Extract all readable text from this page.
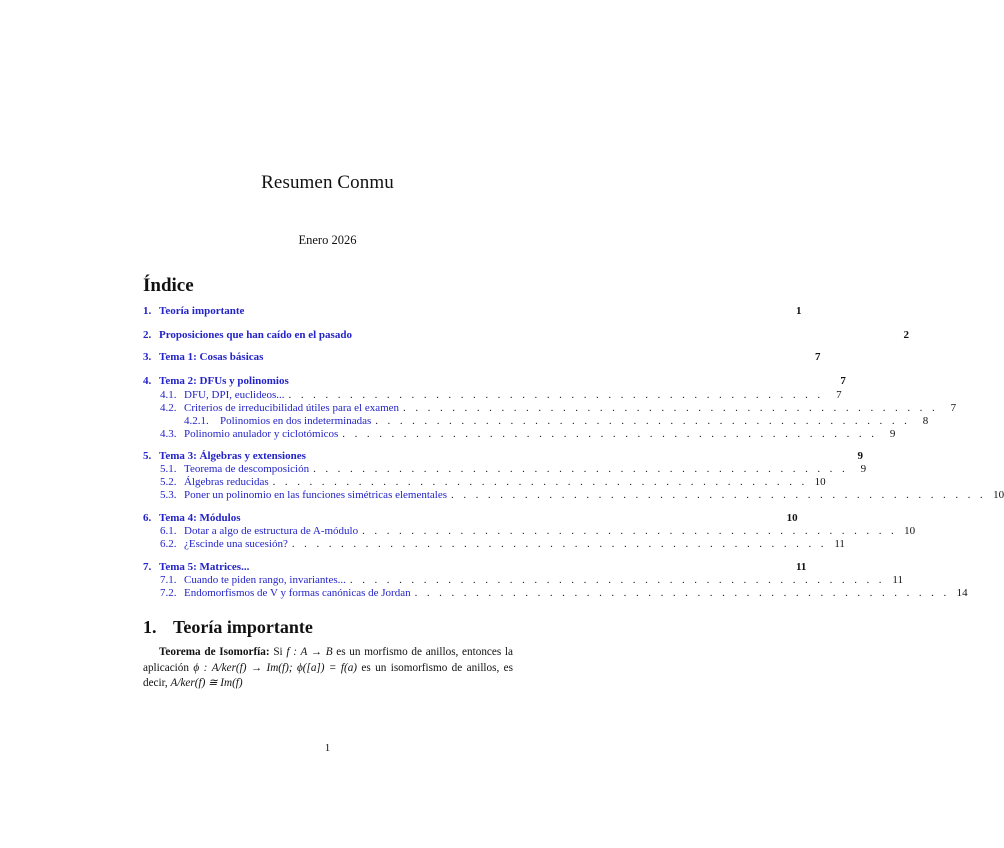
Resumen Conmu
Enero 2026
Índice
1. Teoría importante	1
2. Proposiciones que han caído en el pasado	2
3. Tema 1: Cosas básicas	7
4. Tema 2: DFUs y polinomios	7
4.1. DFU, DPI, euclideos... . . . . . . . . . . . . . . . . . . . . . . . . . . . . . . . . . . . . . . . . . . . .	7
4.2. Criterios de irreducibilidad útiles para el examen . . . . . . . . . . . . . . . . . . . . . . . . . . . . . . . . . . . . . . . . . . . .	7
4.2.1.	Polinomios en dos indeterminadas . . . . . . . . . . . . . . . . . . . . . . . . . . . . . . . . . . . . . . . . . . . .	8
4.3. Polinomio anulador y ciclotómicos . . . . . . . . . . . . . . . . . . . . . . . . . . . . . . . . . . . . . . . . . . . .	9
5. Tema 3: Álgebras y extensiones	9
5.1. Teorema de descomposición . . . . . . . . . . . . . . . . . . . . . . . . . . . . . . . . . . . . . . . . . . . .	9
5.2. Álgebras reducidas . . . . . . . . . . . . . . . . . . . . . . . . . . . . . . . . . . . . . . . . . . . . 10
5.3. Poner un polinomio en las funciones simétricas elementales . . . . . . . . . . . . . . . . . . . . . . . . . . . . . . . . . . . . . . . . . . . . 10
6. Tema 4: Módulos	10
6.1. Dotar a algo de estructura de A-módulo . . . . . . . . . . . . . . . . . . . . . . . . . . . . . . . . . . . . . . . . . . . . 10
6.2. ¿Escinde una sucesión? . . . . . . . . . . . . . . . . . . . . . . . . . . . . . . . . . . . . . . . . . . . . 11
7. Tema 5: Matrices...	11
7.1. Cuando te piden rango, invariantes... . . . . . . . . . . . . . . . . . . . . . . . . . . . . . . . . . . . . . . . . . . . . 11
7.2. Endomorfismos de V y formas canónicas de Jordan . . . . . . . . . . . . . . . . . . . . . . . . . . . . . . . . . . . . . . . . . . . . 14
1. Teoría importante
Teorema de Isomorfía: Si f : A → B es un morfismo de anillos, entonces la aplicación ϕ : A/ker(f) → Im(f); ϕ([a]) = f(a) es un isomorfismo de anillos, es decir, A/ker(f) ≅ Im(f)
1
